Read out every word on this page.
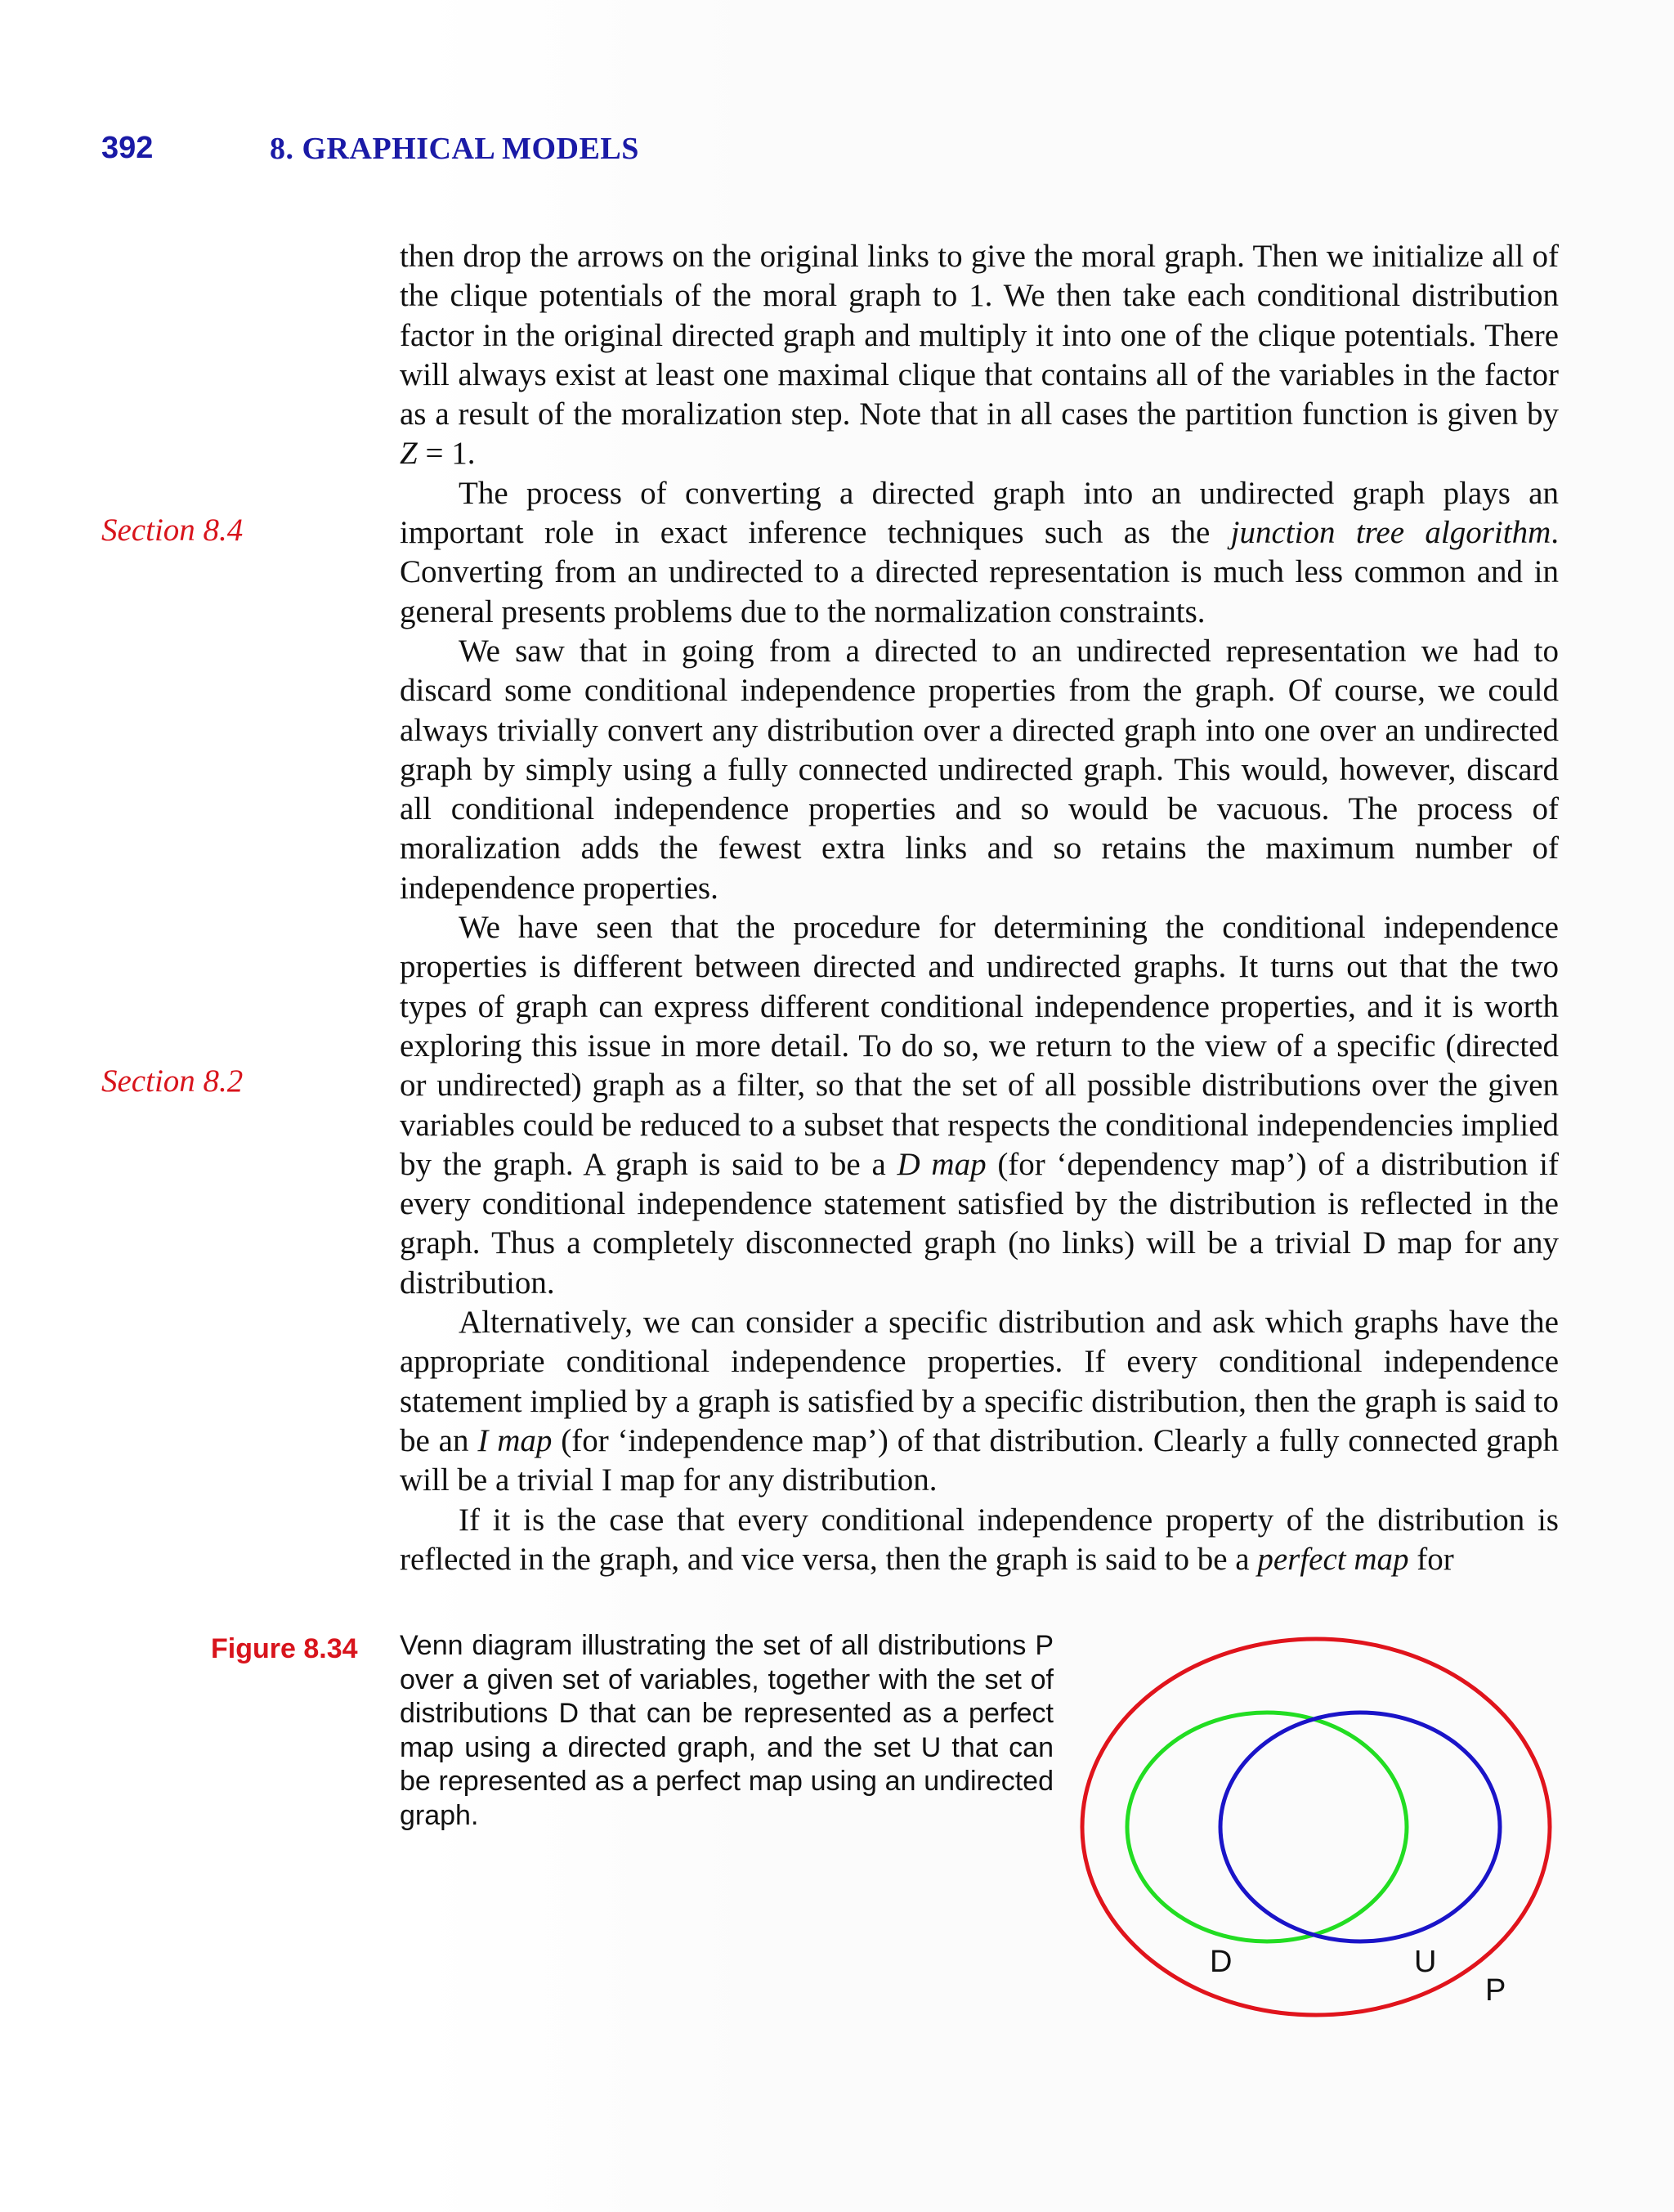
392	8. GRAPHICAL MODELS
Section 8.4
Section 8.2

then drop the arrows on the original links to give the moral graph. Then we initialize all of the clique potentials of the moral graph to 1. We then take each conditional distribution factor in the original directed graph and multiply it into one of the clique potentials. There will always exist at least one maximal clique that contains all of the variables in the factor as a result of the moralization step. Note that in all cases the partition function is given by Z = 1.

The process of converting a directed graph into an undirected graph plays an important role in exact inference techniques such as the junction tree algorithm. Converting from an undirected to a directed representation is much less common and in general presents problems due to the normalization constraints.

We saw that in going from a directed to an undirected representation we had to discard some conditional independence properties from the graph. Of course, we could always trivially convert any distribution over a directed graph into one over an undirected graph by simply using a fully connected undirected graph. This would, however, discard all conditional independence properties and so would be vacuous. The process of moralization adds the fewest extra links and so retains the maximum number of independence properties.

We have seen that the procedure for determining the conditional independence properties is different between directed and undirected graphs. It turns out that the two types of graph can express different conditional independence properties, and it is worth exploring this issue in more detail. To do so, we return to the view of a specific (directed or undirected) graph as a filter, so that the set of all possible distributions over the given variables could be reduced to a subset that respects the conditional independencies implied by the graph. A graph is said to be a D map (for ‘dependency map’) of a distribution if every conditional independence statement satisfied by the distribution is reflected in the graph. Thus a completely disconnected graph (no links) will be a trivial D map for any distribution.

Alternatively, we can consider a specific distribution and ask which graphs have the appropriate conditional independence properties. If every conditional independence statement implied by a graph is satisfied by a specific distribution, then the graph is said to be an I map (for ‘independence map’) of that distribution. Clearly a fully connected graph will be a trivial I map for any distribution.

If it is the case that every conditional independence property of the distribution is reflected in the graph, and vice versa, then the graph is said to be a perfect map for

Figure 8.34 Venn diagram illustrating the set of all distributions P over a given set of variables, together with the set of distributions D that can be represented as a perfect map using a directed graph, and the set U that can be represented as a perfect map using an undirected graph.

D	U
P
